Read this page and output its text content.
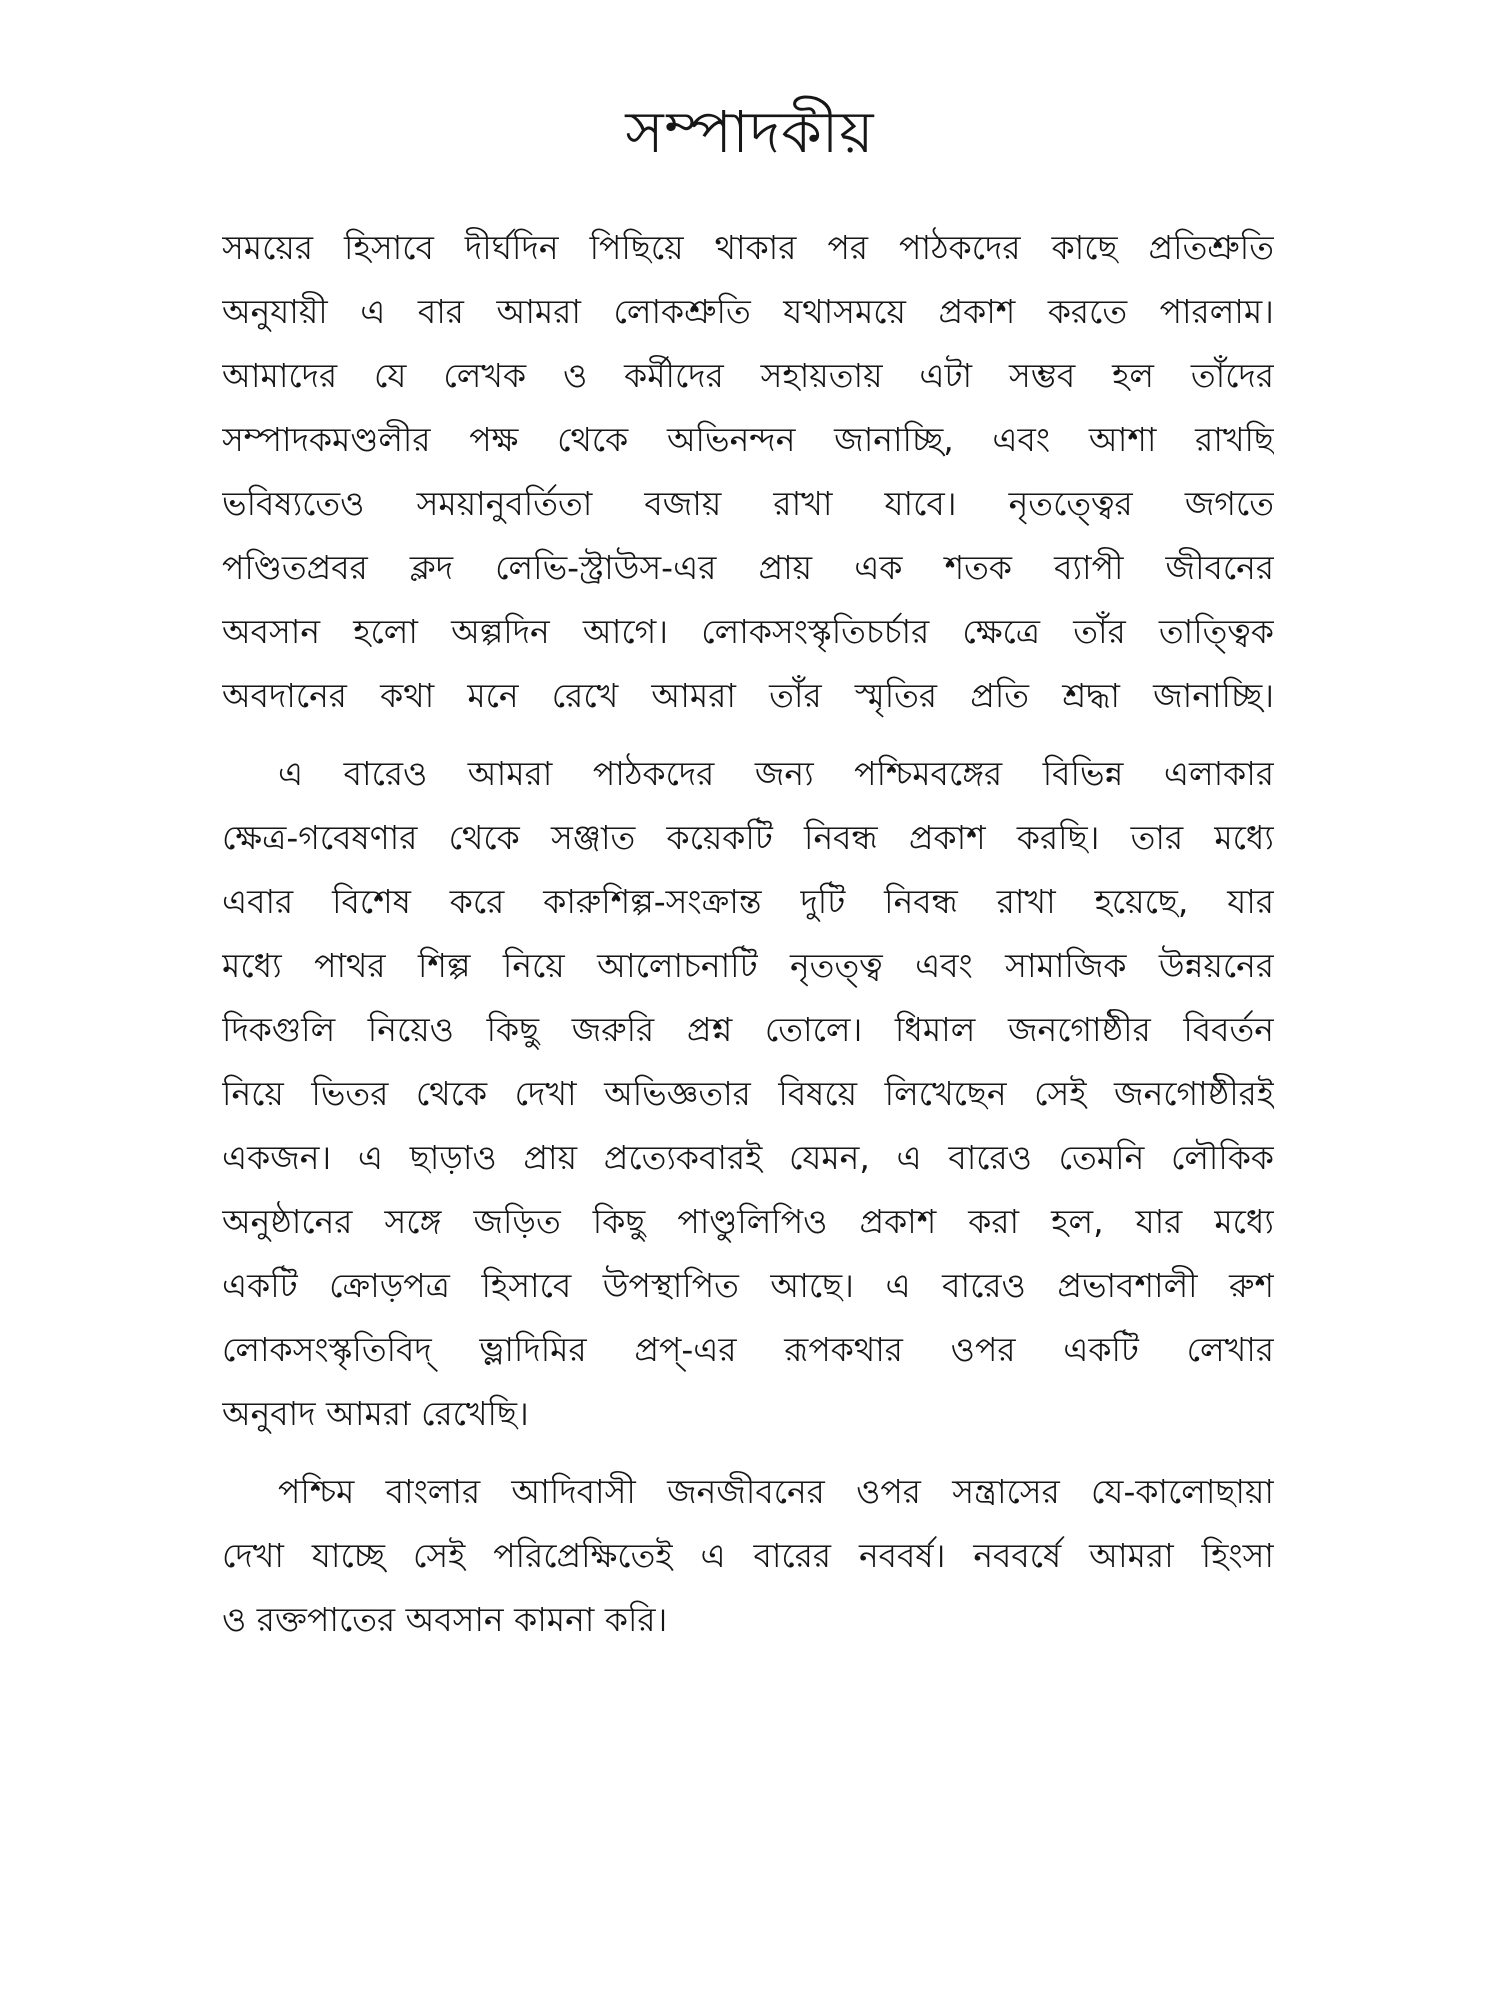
সম্পাদকীয়
সময়ের হিসাবে দীর্ঘদিন পিছিয়ে থাকার পর পাঠকদের কাছে প্রতিশ্রুতি
অনুযায়ী এ বার আমরা লোকশ্রুতি যথাসময়ে প্রকাশ করতে পারলাম।
আমাদের যে লেখক ও কর্মীদের সহায়তায় এটা সম্ভব হল তাঁদের
সম্পাদকমণ্ডলীর পক্ষ থেকে অভিনন্দন জানাচ্ছি, এবং আশা রাখছি
ভবিষ্যতেও সময়ানুবর্তিতা বজায় রাখা যাবে। নৃতত্ত্বের জগতে
পণ্ডিতপ্রবর ক্লদ লেভি-স্ট্রাউস-এর প্রায় এক শতক ব্যাপী জীবনের
অবসান হলো অল্পদিন আগে। লোকসংস্কৃতিচর্চার ক্ষেত্রে তাঁর তাত্ত্বিক
অবদানের কথা মনে রেখে আমরা তাঁর স্মৃতির প্রতি শ্রদ্ধা জানাচ্ছি।
এ বারেও আমরা পাঠকদের জন্য পশ্চিমবঙ্গের বিভিন্ন এলাকার
ক্ষেত্র-গবেষণার থেকে সঞ্জাত কয়েকটি নিবন্ধ প্রকাশ করছি। তার মধ্যে
এবার বিশেষ করে কারুশিল্প-সংক্রান্ত দুটি নিবন্ধ রাখা হয়েছে, যার
মধ্যে পাথর শিল্প নিয়ে আলোচনাটি নৃতত্ত্ব এবং সামাজিক উন্নয়নের
দিকগুলি নিয়েও কিছু জরুরি প্রশ্ন তোলে। ধিমাল জনগোষ্ঠীর বিবর্তন
নিয়ে ভিতর থেকে দেখা অভিজ্ঞতার বিষয়ে লিখেছেন সেই জনগোষ্ঠীরই
একজন। এ ছাড়াও প্রায় প্রত্যেকবারই যেমন, এ বারেও তেমনি লৌকিক
অনুষ্ঠানের সঙ্গে জড়িত কিছু পাণ্ডুলিপিও প্রকাশ করা হল, যার মধ্যে
একটি ক্রোড়পত্র হিসাবে উপস্থাপিত আছে। এ বারেও প্রভাবশালী রুশ
লোকসংস্কৃতিবিদ্ ভ্লাদিমির প্রপ্-এর রূপকথার ওপর একটি লেখার
অনুবাদ আমরা রেখেছি।
পশ্চিম বাংলার আদিবাসী জনজীবনের ওপর সন্ত্রাসের যে-কালোছায়া
দেখা যাচ্ছে সেই পরিপ্রেক্ষিতেই এ বারের নববর্ষ। নববর্ষে আমরা হিংসা
ও রক্তপাতের অবসান কামনা করি।
